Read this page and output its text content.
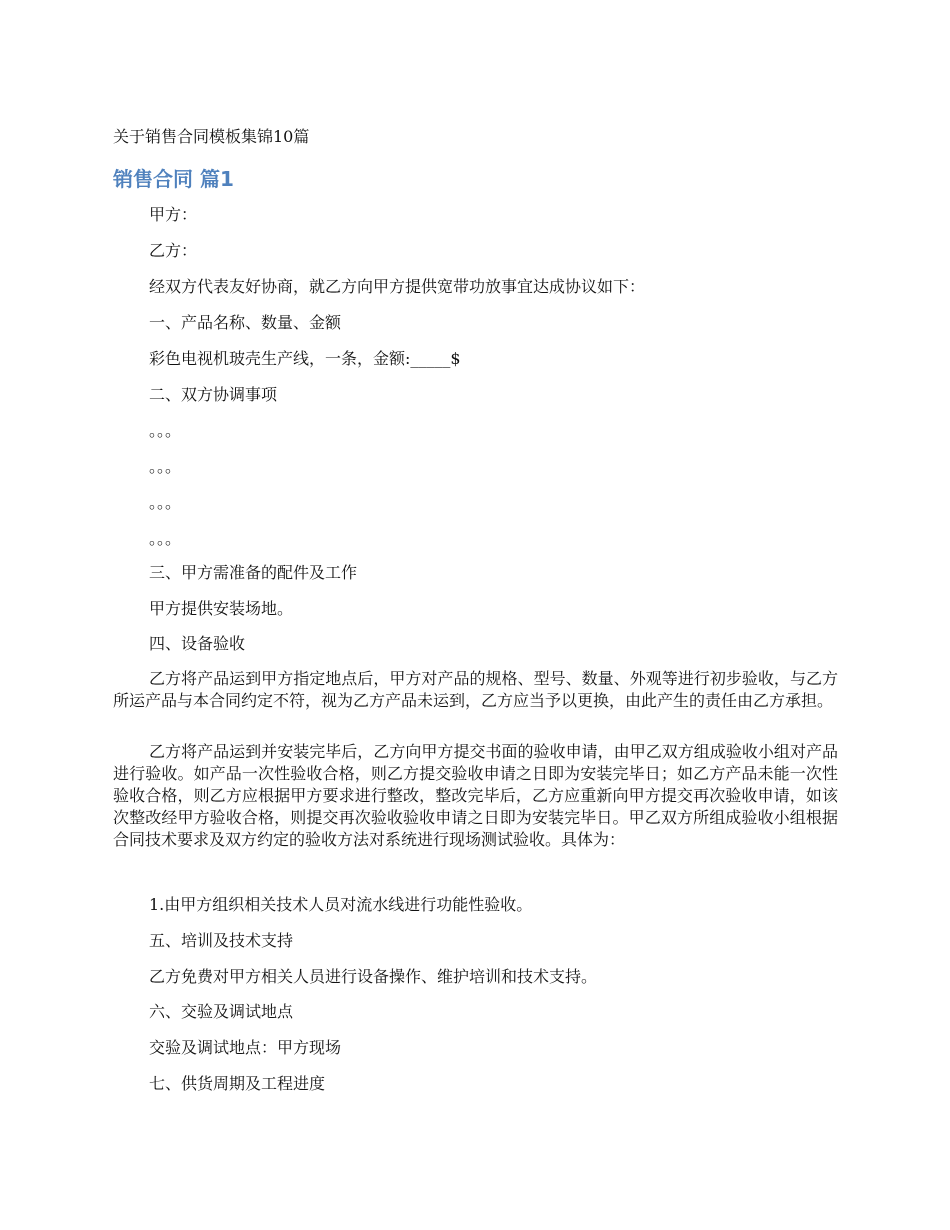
关于销售合同模板集锦10篇
销售合同 篇1
甲方：
乙方：
经双方代表友好协商，就乙方向甲方提供宽带功放事宜达成协议如下：
一、产品名称、数量、金额
彩色电视机玻壳生产线，一条，金额:_____$
二、双方协调事项
。。。
。。。
。。。
。。。
三、甲方需准备的配件及工作
甲方提供安装场地。
四、设备验收
乙方将产品运到甲方指定地点后，甲方对产品的规格、型号、数量、外观等进行初步验收，与乙方所运产品与本合同约定不符，视为乙方产品未运到，乙方应当予以更换，由此产生的责任由乙方承担。
乙方将产品运到并安装完毕后，乙方向甲方提交书面的验收申请，由甲乙双方组成验收小组对产品进行验收。如产品一次性验收合格，则乙方提交验收申请之日即为安装完毕日；如乙方产品未能一次性验收合格，则乙方应根据甲方要求进行整改，整改完毕后，乙方应重新向甲方提交再次验收申请，如该次整改经甲方验收合格，则提交再次验收验收申请之日即为安装完毕日。甲乙双方所组成验收小组根据合同技术要求及双方约定的验收方法对系统进行现场测试验收。具体为：
1.由甲方组织相关技术人员对流水线进行功能性验收。
五、培训及技术支持
乙方免费对甲方相关人员进行设备操作、维护培训和技术支持。
六、交验及调试地点
交验及调试地点：甲方现场
七、供货周期及工程进度
